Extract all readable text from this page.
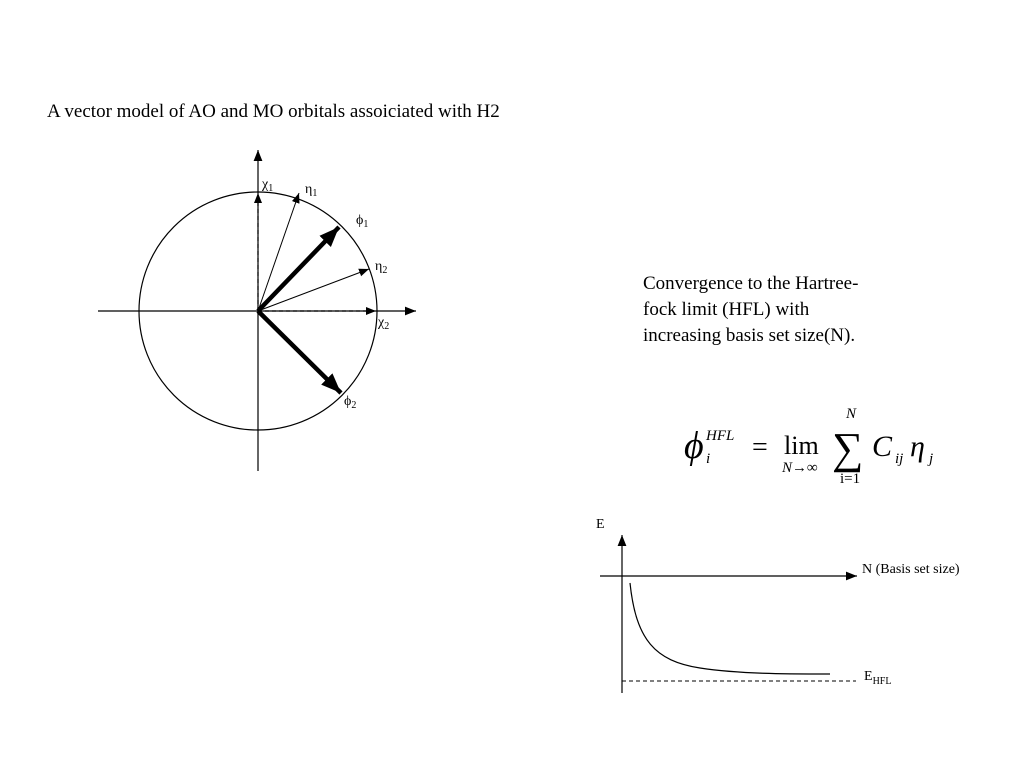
A vector model of AO and MO orbitals assoiciated with H2
Convergence to the Hartree-
fock limit (HFL) with
increasing basis set size(N).
$\chi_1$ $\eta_1$
$\phi_1$
$\eta_2$
$\chi_2$
$\phi_2$
ϕ HFL
i = lim
N→∞
N
∑
i=1
C ij η j
E
N (Basis set size)
$E_{HFL}$
